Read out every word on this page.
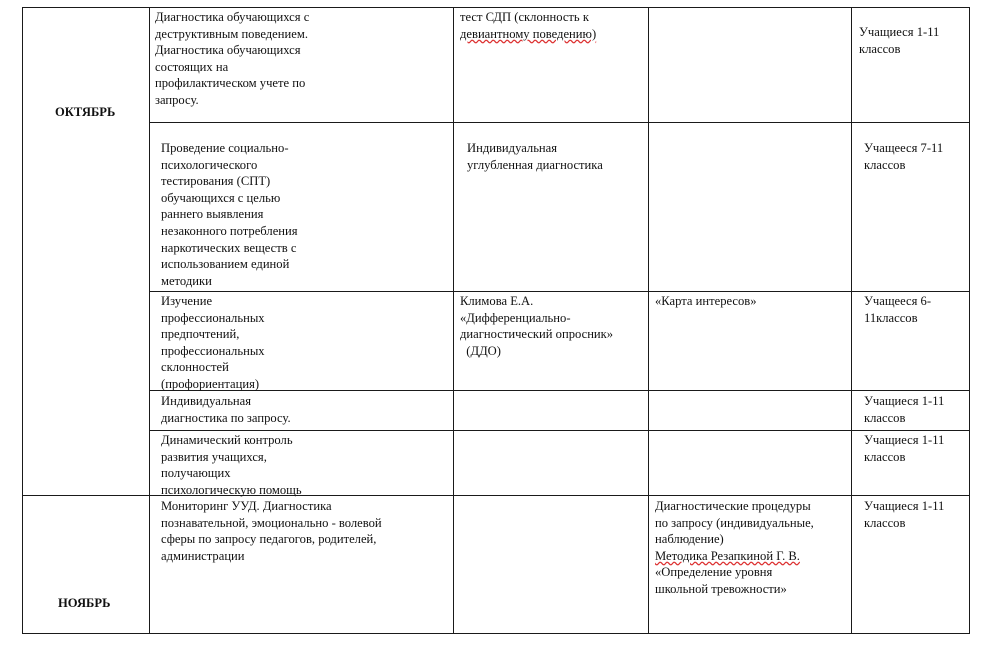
ОКТЯБРЬ
НОЯБРЬ
Диагностика обучающихся с
деструктивным поведением.
Диагностика обучающихся
состоящих на
профилактическом учете по
запросу.
тест СДП (склонность к
девиантному поведению)	Учащиеся 1-11
классов
Проведение социально-
психологического
тестирования (СПТ)
обучающихся с целью
раннего выявления
незаконного потребления
наркотических веществ с
использованием единой
методики
Индивидуальная
углубленная диагностика
Учащееся 7-11
классов
Изучение
профессиональных
предпочтений,
профессиональных
склонностей
(профориентация)
Климова Е.А.
«Дифференциально-
диагностический опросник»
(ДДО)
«Карта интересов»	Учащееся 6-
11классов
Индивидуальная
диагностика по запросу.
Учащиеся 1-11
классов
Динамический контроль
развития учащихся,
получающих
психологическую помощь
Учащиеся 1-11
классов
Мониторинг УУД. Диагностика
познавательной, эмоционально - волевой
сферы по запросу педагогов, родителей,
администрации
Диагностические процедуры
по запросу (индивидуальные,
наблюдение)
Методика Резапкиной Г. В.
«Определение уровня
школьной тревожности»
Учащиеся 1-11
классов
